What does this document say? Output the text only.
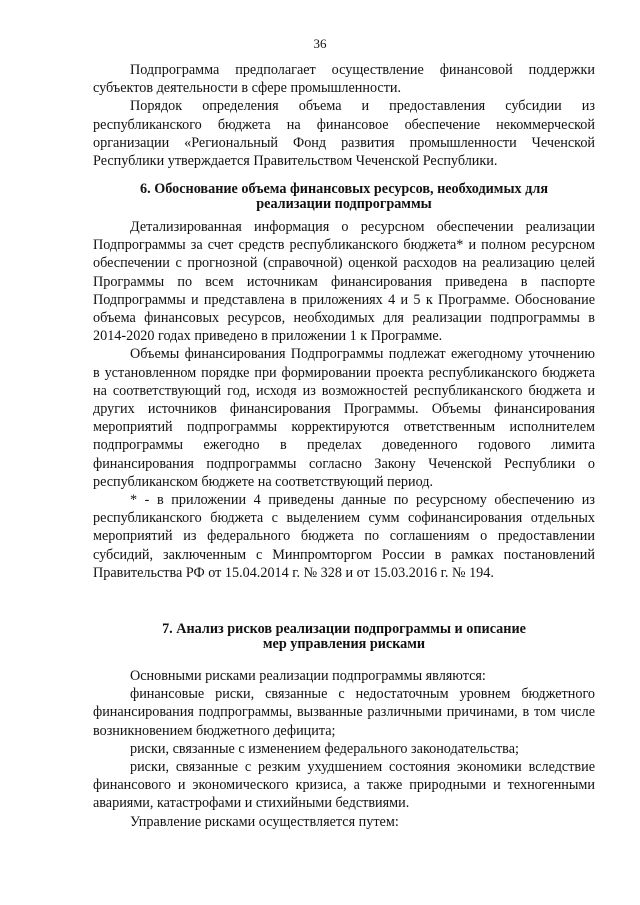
36

Подпрограмма предполагает осуществление финансовой поддержки субъектов деятельности в сфере промышленности.

Порядок определения объема и предоставления субсидии из республиканского бюджета на финансовое обеспечение некоммерческой организации «Региональный Фонд развития промышленности Чеченской Республики утверждается Правительством Чеченской Республики.

6. Обоснование объема финансовых ресурсов, необходимых для
реализации подпрограммы

Детализированная информация о ресурсном обеспечении реализации Подпрограммы за счет средств республиканского бюджета* и полном ресурсном обеспечении с прогнозной (справочной) оценкой расходов на реализацию целей Программы по всем источникам финансирования приведена в паспорте Подпрограммы и представлена в приложениях 4 и 5 к Программе. Обоснование объема финансовых ресурсов, необходимых для реализации подпрограммы в 2014-2020 годах приведено в приложении 1 к Программе.

Объемы финансирования Подпрограммы подлежат ежегодному уточнению в установленном порядке при формировании проекта республиканского бюджета на соответствующий год, исходя из возможностей республиканского бюджета и других источников финансирования Программы. Объемы финансирования мероприятий подпрограммы корректируются ответственным исполнителем подпрограммы ежегодно в пределах доведенного годового лимита финансирования подпрограммы согласно Закону Чеченской Республики о республиканском бюджете на соответствующий период.

* - в приложении 4 приведены данные по ресурсному обеспечению из республиканского бюджета с выделением сумм софинансирования отдельных мероприятий из федерального бюджета по соглашениям о предоставлении субсидий, заключенным с Минпромторгом России в рамках постановлений Правительства РФ от 15.04.2014 г. № 328 и от 15.03.2016 г. № 194.

7. Анализ рисков реализации подпрограммы и описание
мер управления рисками

Основными рисками реализации подпрограммы являются:

финансовые риски, связанные с недостаточным уровнем бюджетного финансирования подпрограммы, вызванные различными причинами, в том числе возникновением бюджетного дефицита;

риски, связанные с изменением федерального законодательства;

риски, связанные с резким ухудшением состояния экономики вследствие финансового и экономического кризиса, а также природными и техногенными авариями, катастрофами и стихийными бедствиями.

Управление рисками осуществляется путем:
